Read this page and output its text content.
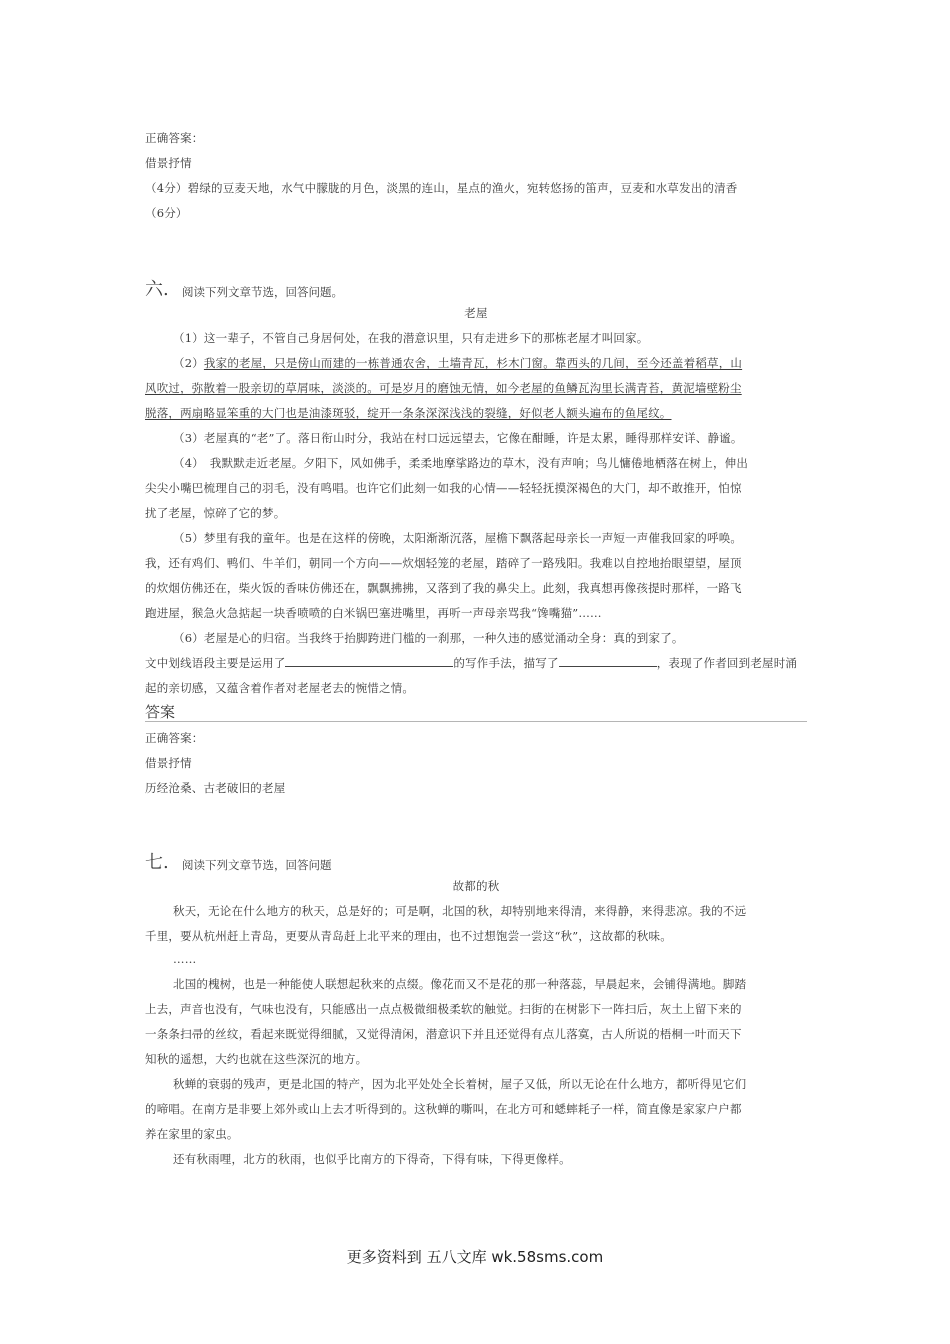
正确答案：
借景抒情
（4分）碧绿的豆麦天地，水气中朦胧的月色，淡黑的连山，星点的渔火，宛转悠扬的笛声，豆麦和水草发出的清香
（6分）
六. 阅读下列文章节选，回答问题。
老屋
（1）这一辈子，不管自己身居何处，在我的潜意识里，只有走进乡下的那栋老屋才叫回家。
（2）我家的老屋，只是傍山而建的一栋普通农舍，土墙青瓦，杉木门窗。靠西头的几间，至今还盖着稻草，山
风吹过，弥散着一股亲切的草屑味，淡淡的。可是岁月的磨蚀无情，如今老屋的鱼鳞瓦沟里长满青苔，黄泥墙壁粉尘
脱落，两扇略显笨重的大门也是油漆斑驳，绽开一条条深深浅浅的裂缝，好似老人额头遍布的鱼尾纹。
（3）老屋真的“老”了。落日衔山时分，我站在村口远远望去，它像在酣睡，许是太累，睡得那样安详、静谧。
（4）　我默默走近老屋。夕阳下，风如佛手，柔柔地摩挲路边的草木，没有声响；鸟儿慵倦地栖落在树上，伸出
尖尖小嘴巴梳理自己的羽毛，没有鸣唱。也许它们此刻一如我的心情——轻轻抚摸深褐色的大门，却不敢推开，怕惊
扰了老屋，惊碎了它的梦。
（5）梦里有我的童年。也是在这样的傍晚，太阳渐渐沉落，屋檐下飘落起母亲长一声短一声催我回家的呼唤。
我，还有鸡们、鸭们、牛羊们，朝同一个方向——炊烟轻笼的老屋，踏碎了一路残阳。我难以自控地抬眼望望，屋顶
的炊烟仿佛还在，柴火饭的香味仿佛还在，飘飘拂拂，又落到了我的鼻尖上。此刻，我真想再像孩提时那样，一路飞
跑进屋，猴急火急掂起一块香喷喷的白米锅巴塞进嘴里，再听一声母亲骂我“馋嘴猫”……
（6）老屋是心的归宿。当我终于抬脚跨进门槛的一刹那，一种久违的感觉涌动全身：真的到家了。
文中划线语段主要是运用了	的写作手法，描写了	，表现了作者回到老屋时涌
起的亲切感，又蕴含着作者对老屋老去的惋惜之情。
答案
正确答案：
借景抒情
历经沧桑、古老破旧的老屋
七. 阅读下列文章节选，回答问题
故都的秋
秋天，无论在什么地方的秋天，总是好的；可是啊，北国的秋，却特别地来得清，来得静，来得悲凉。我的不远
千里，要从杭州赶上青岛，更要从青岛赶上北平来的理由，也不过想饱尝一尝这“秋”，这故都的秋味。
……
北国的槐树，也是一种能使人联想起秋来的点缀。像花而又不是花的那一种落蕊，早晨起来，会铺得满地。脚踏
上去，声音也没有，气味也没有，只能感出一点点极微细极柔软的触觉。扫街的在树影下一阵扫后，灰土上留下来的
一条条扫帚的丝纹，看起来既觉得细腻，又觉得清闲，潜意识下并且还觉得有点儿落寞，古人所说的梧桐一叶而天下
知秋的遥想，大约也就在这些深沉的地方。
秋蝉的衰弱的残声，更是北国的特产，因为北平处处全长着树，屋子又低，所以无论在什么地方，都听得见它们
的啼唱。在南方是非要上郊外或山上去才听得到的。这秋蝉的嘶叫，在北方可和蟋蟀耗子一样，简直像是家家户户都
养在家里的家虫。
还有秋雨哩，北方的秋雨，也似乎比南方的下得奇，下得有味，下得更像样。
更多资料到 五八文库 wk.58sms.com
